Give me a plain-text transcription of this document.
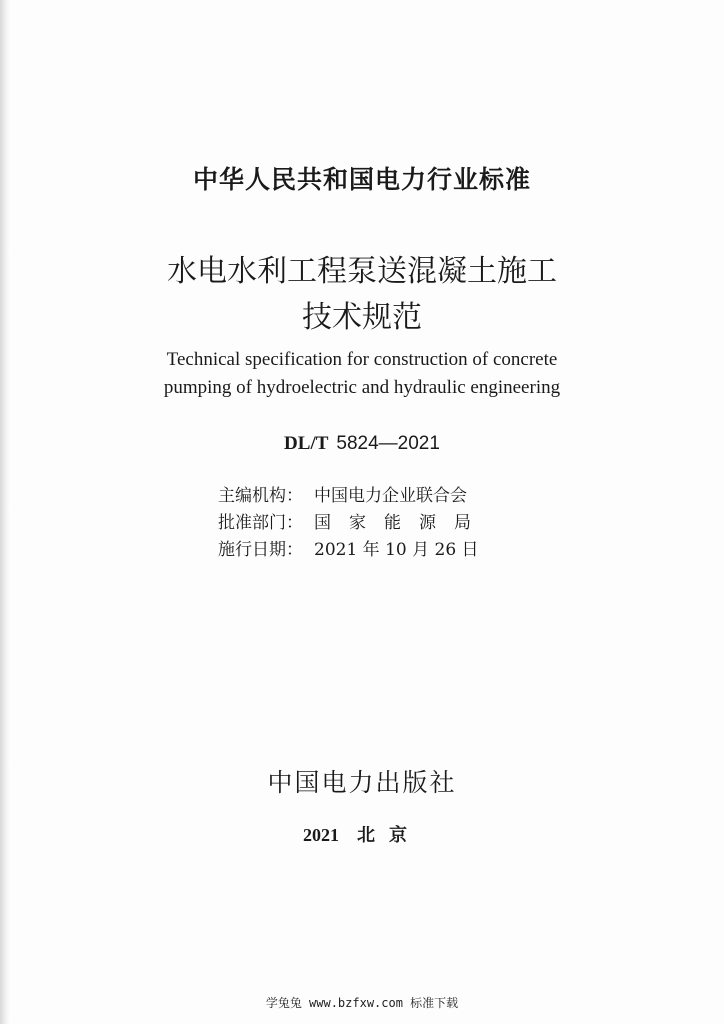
中华人民共和国电力行业标准
水电水利工程泵送混凝土施工
技术规范
Technical specification for construction of concrete
pumping of hydroelectric and hydraulic engineering
DL/T 5824—2021
主编机构： 中国电力企业联合会
批准部门： 国家能源局
施行日期： 2021 年 10 月 26 日
中国电力出版社
2021 北京
学兔兔 www.bzfxw.com 标准下载
